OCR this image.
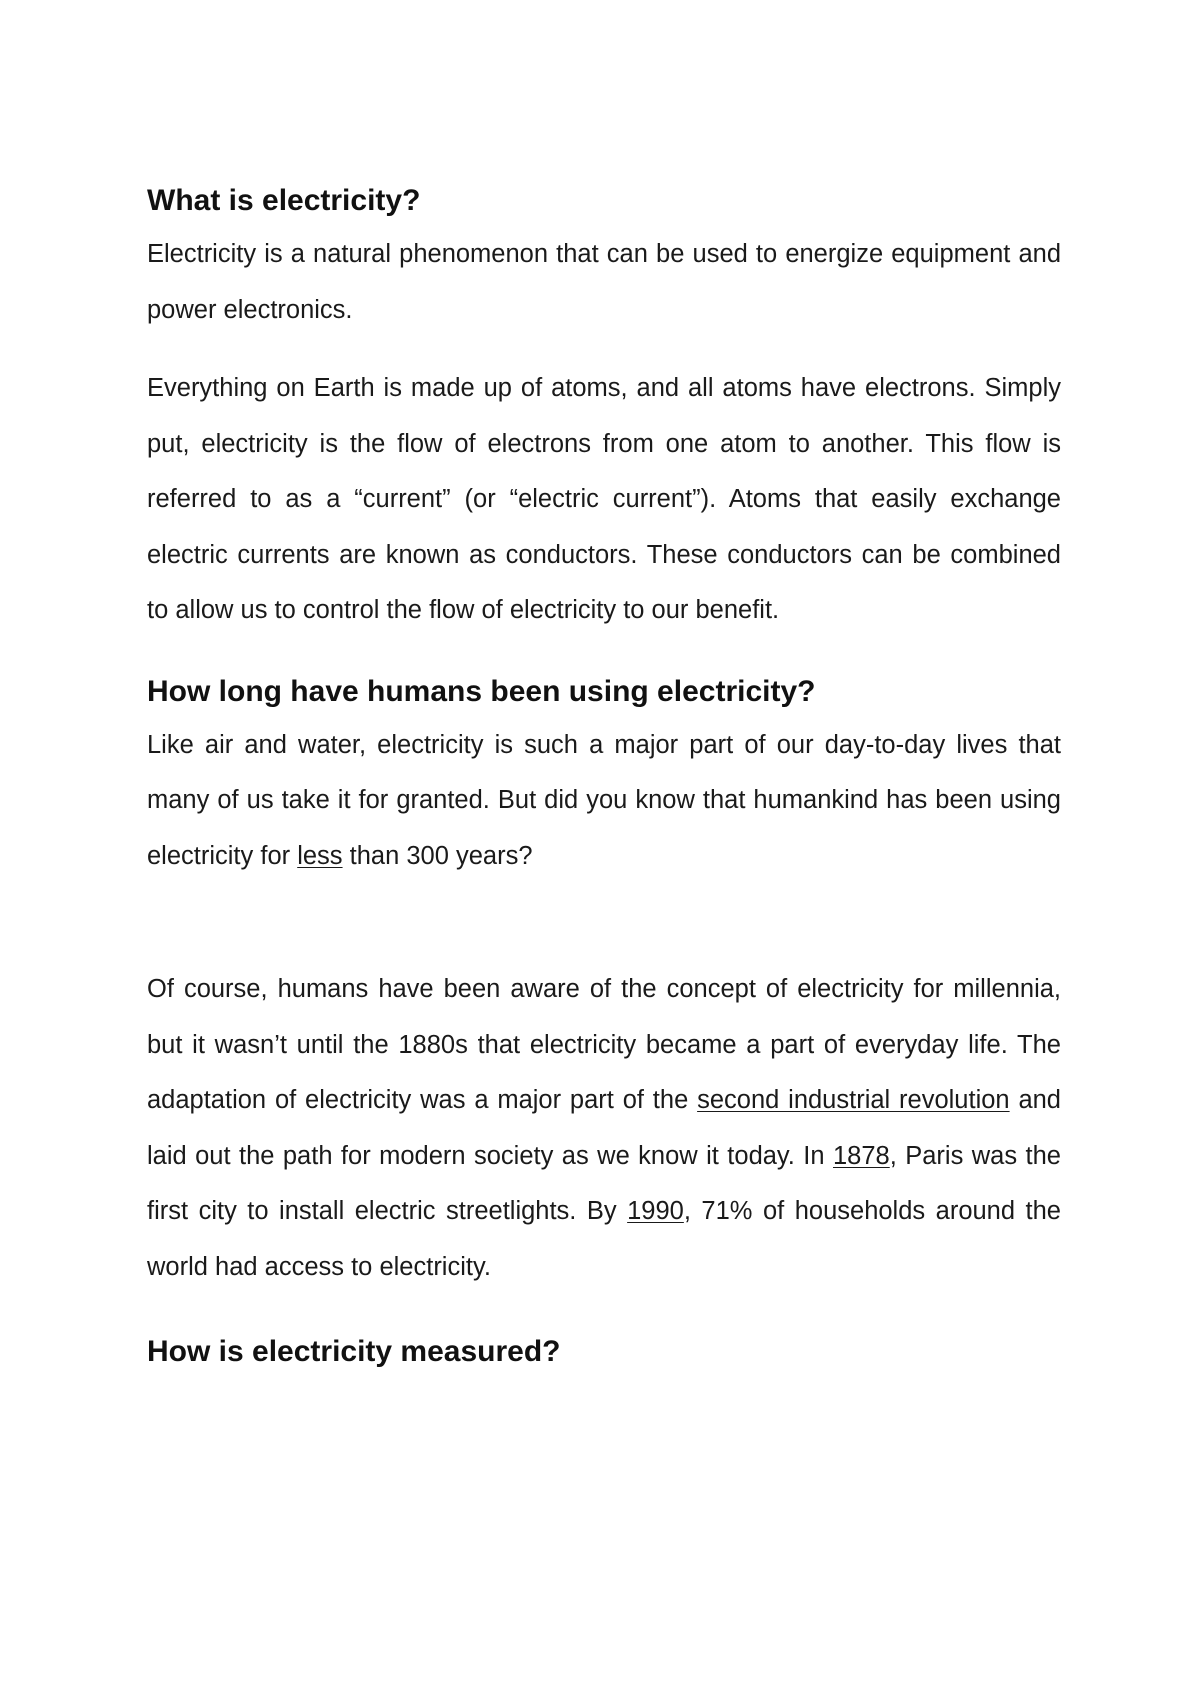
What is electricity?

Electricity is a natural phenomenon that can be used to energize equipment and power electronics.

Everything on Earth is made up of atoms, and all atoms have electrons. Simply put, electricity is the flow of electrons from one atom to another. This flow is referred to as a “current” (or “electric current”). Atoms that easily exchange electric currents are known as conductors. These conductors can be combined to allow us to control the flow of electricity to our benefit.

How long have humans been using electricity?

Like air and water, electricity is such a major part of our day-to-day lives that many of us take it for granted. But did you know that humankind has been using electricity for less than 300 years?

Of course, humans have been aware of the concept of electricity for millennia, but it wasn’t until the 1880s that electricity became a part of everyday life. The adaptation of electricity was a major part of the second industrial revolution and laid out the path for modern society as we know it today. In 1878, Paris was the first city to install electric streetlights. By 1990, 71% of households around the world had access to electricity.

How is electricity measured?
